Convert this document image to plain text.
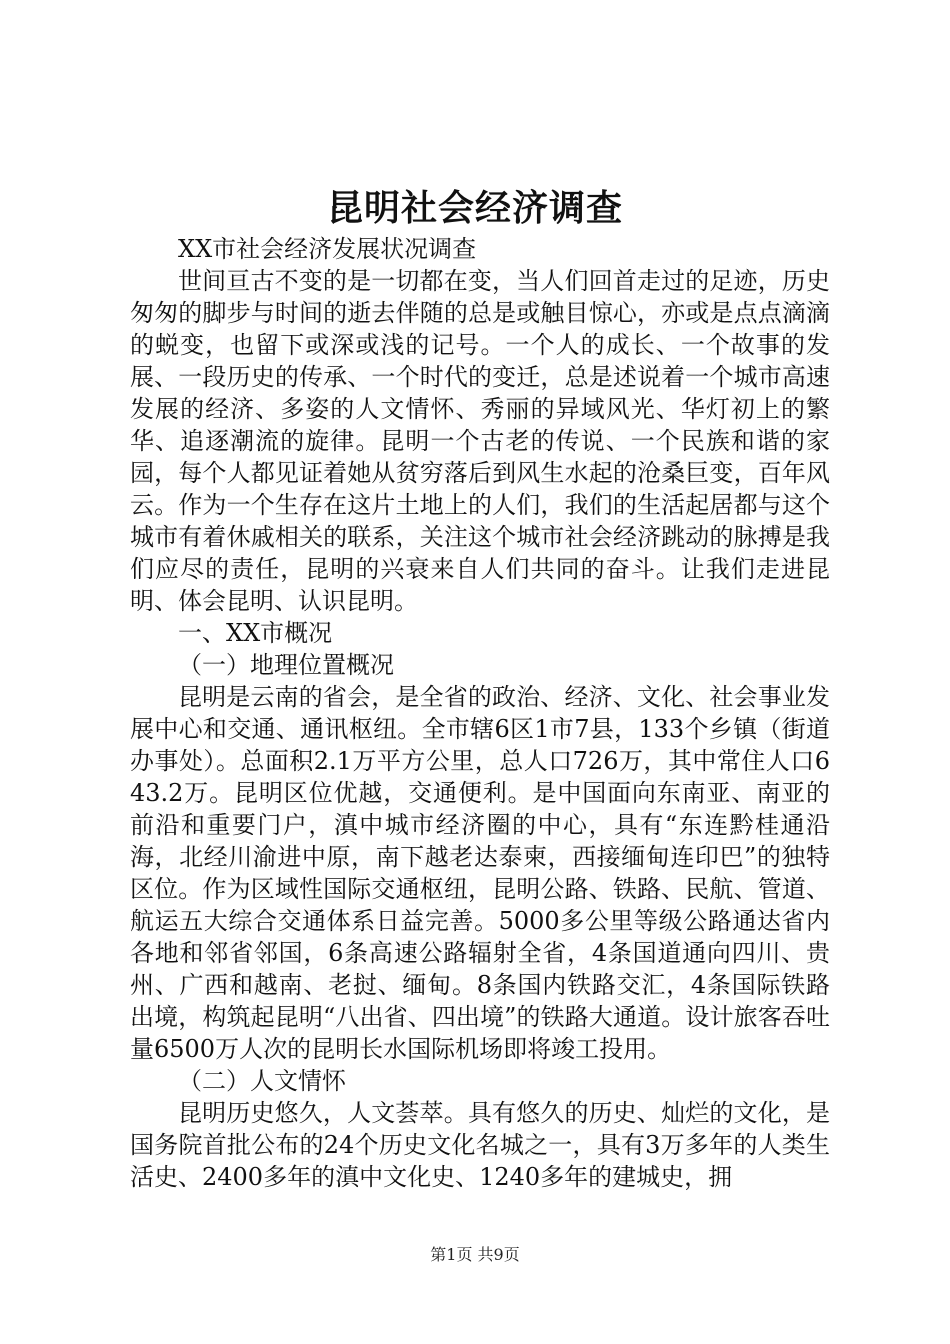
昆明社会经济调查

XX市社会经济发展状况调查

世间亘古不变的是一切都在变，当人们回首走过的足迹，历史匆匆的脚步与时间的逝去伴随的总是或触目惊心，亦或是点点滴滴的蜕变，也留下或深或浅的记号。一个人的成长、一个故事的发展、一段历史的传承、一个时代的变迁，总是述说着一个城市高速发展的经济、多姿的人文情怀、秀丽的异域风光、华灯初上的繁华、追逐潮流的旋律。昆明一个古老的传说、一个民族和谐的家园，每个人都见证着她从贫穷落后到风生水起的沧桑巨变，百年风云。作为一个生存在这片土地上的人们，我们的生活起居都与这个城市有着休戚相关的联系，关注这个城市社会经济跳动的脉搏是我们应尽的责任，昆明的兴衰来自人们共同的奋斗。让我们走进昆明、体会昆明、认识昆明。

一、XX市概况

（一）地理位置概况

昆明是云南的省会，是全省的政治、经济、文化、社会事业发展中心和交通、通讯枢纽。全市辖6区1市7县，133个乡镇（街道办事处）。总面积2.1万平方公里，总人口726万，其中常住人口643.2万。昆明区位优越，交通便利。是中国面向东南亚、南亚的前沿和重要门户，滇中城市经济圈的中心，具有“东连黔桂通沿海，北经川渝进中原，南下越老达泰柬，西接缅甸连印巴”的独特区位。作为区域性国际交通枢纽，昆明公路、铁路、民航、管道、航运五大综合交通体系日益完善。5000多公里等级公路通达省内各地和邻省邻国，6条高速公路辐射全省，4条国道通向四川、贵州、广西和越南、老挝、缅甸。8条国内铁路交汇，4条国际铁路出境，构筑起昆明“八出省、四出境”的铁路大通道。设计旅客吞吐量6500万人次的昆明长水国际机场即将竣工投用。

（二）人文情怀

昆明历史悠久，人文荟萃。具有悠久的历史、灿烂的文化，是国务院首批公布的24个历史文化名城之一，具有3万多年的人类生活史、2400多年的滇中文化史、1240多年的建城史，拥

第1页 共9页
